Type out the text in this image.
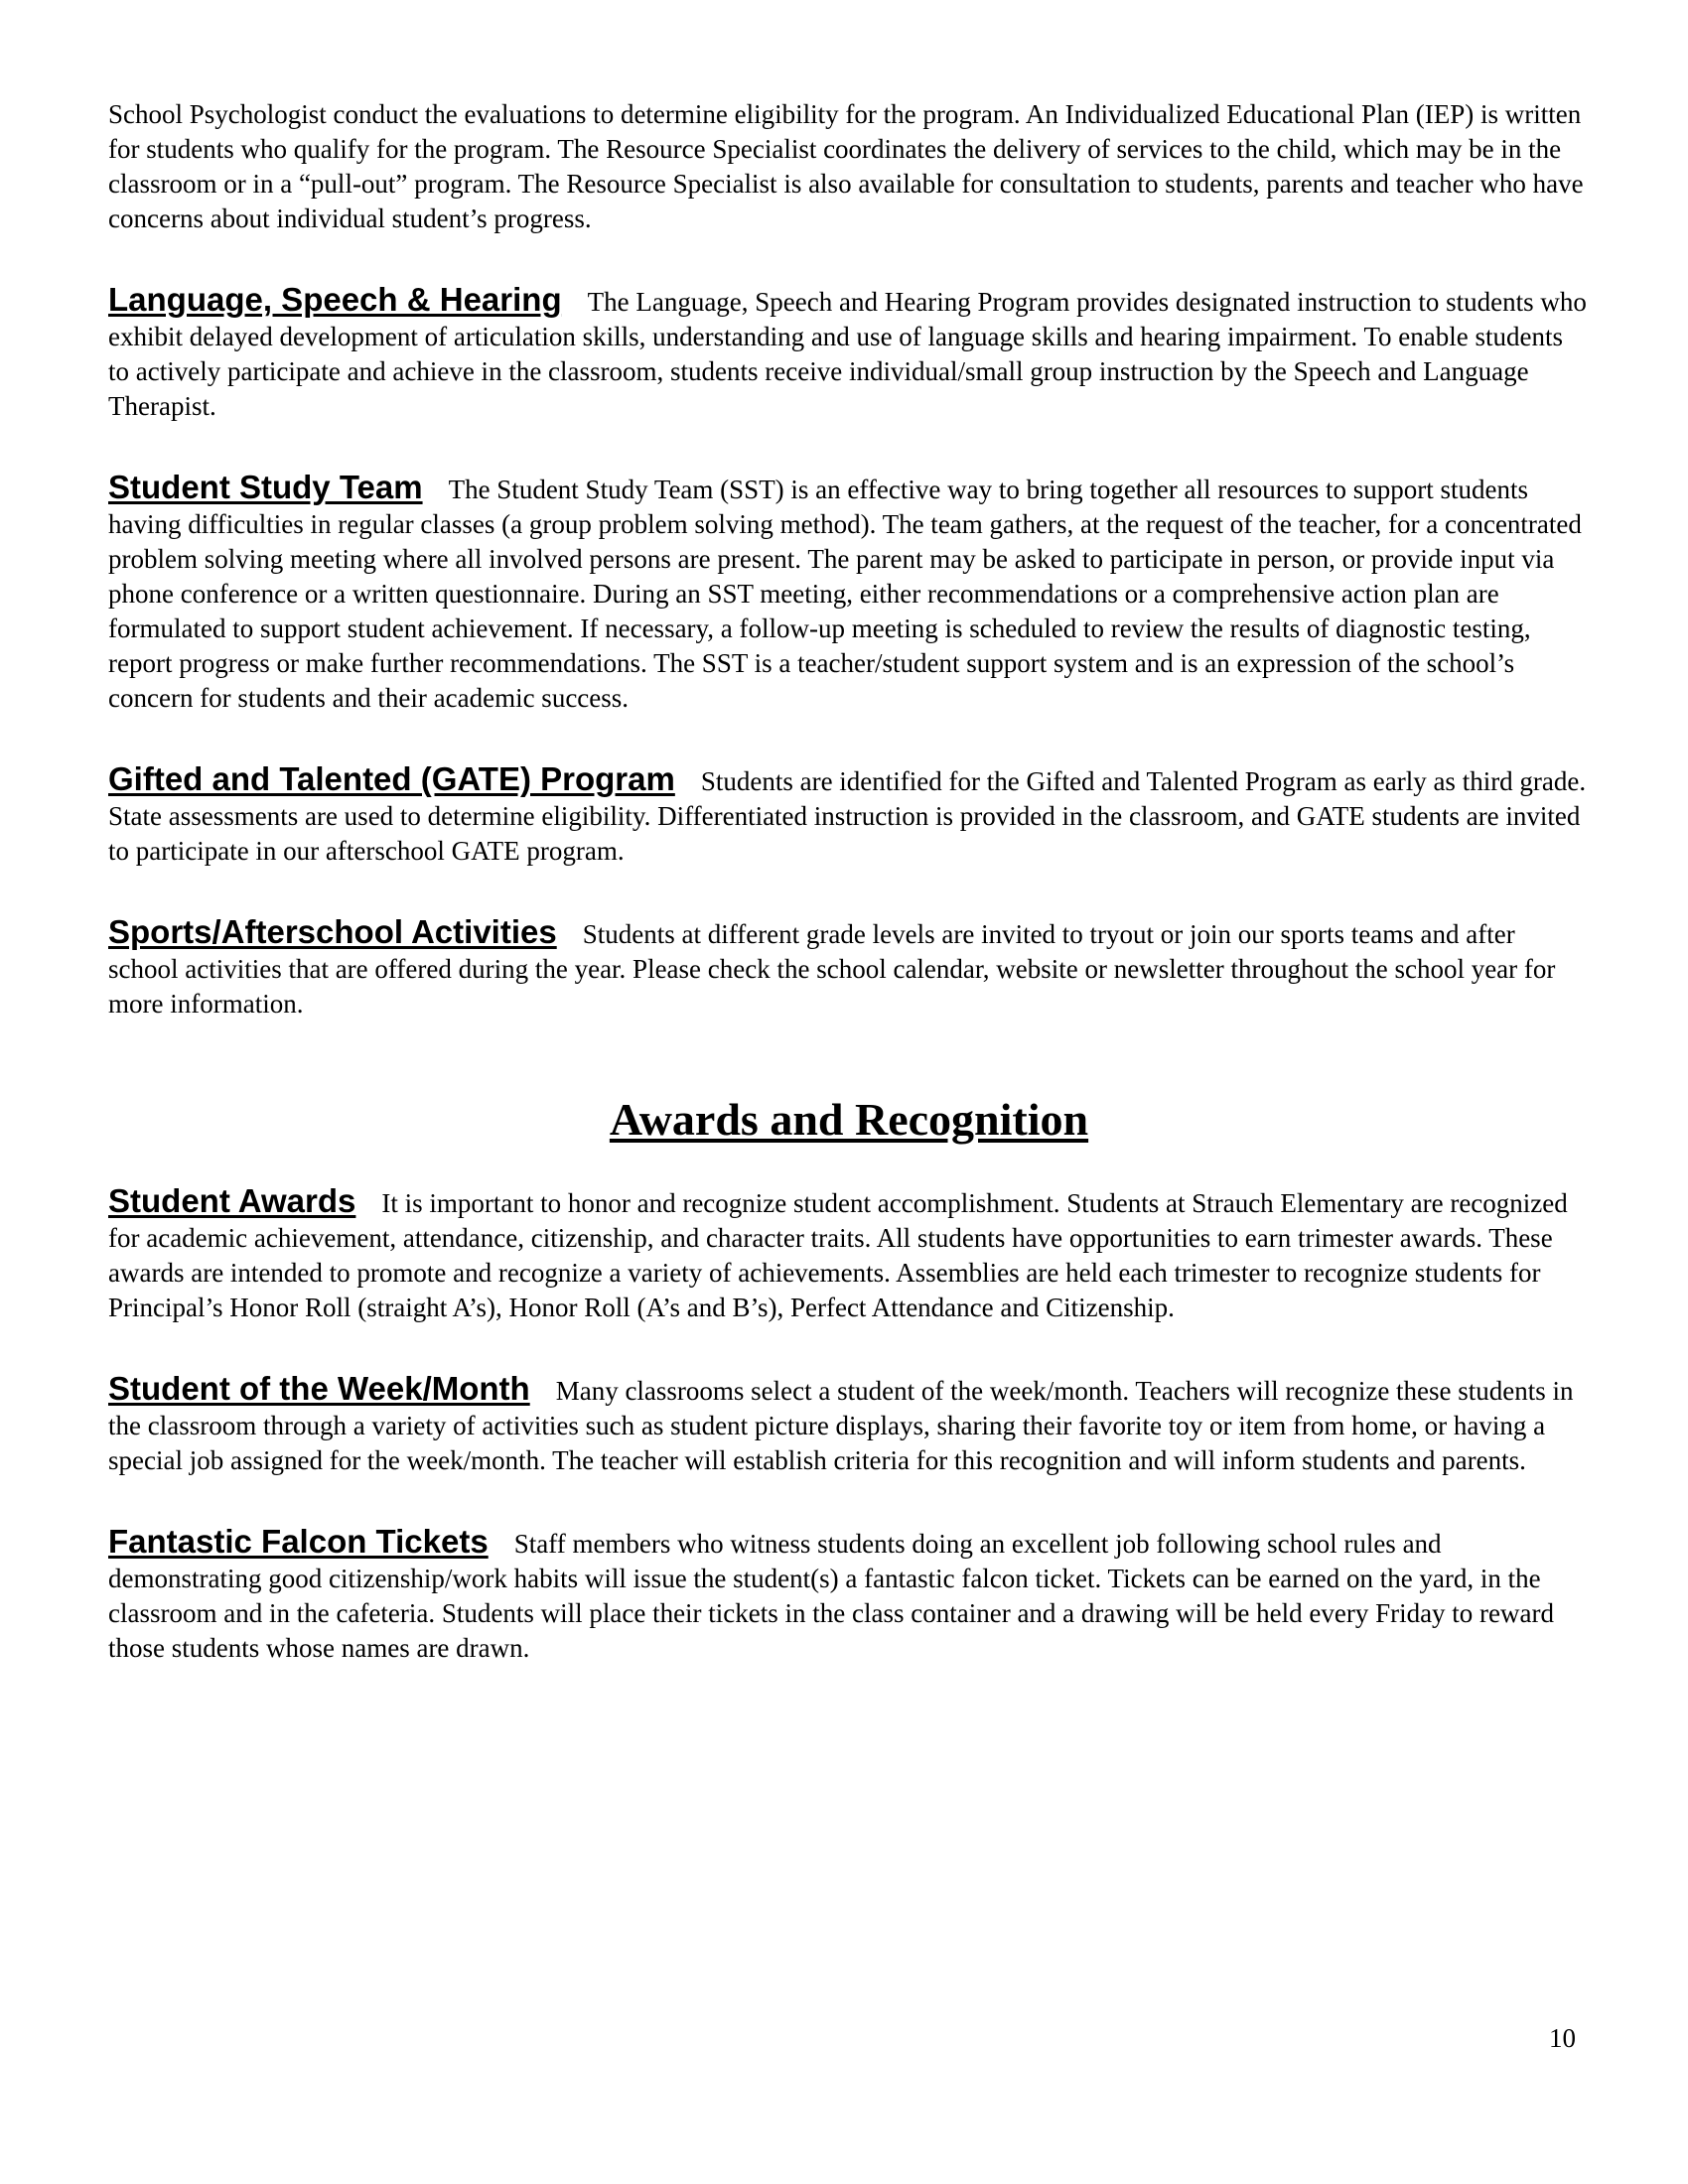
School Psychologist conduct the evaluations to determine eligibility for the program. An Individualized Educational Plan (IEP) is written for students who qualify for the program. The Resource Specialist coordinates the delivery of services to the child, which may be in the classroom or in a “pull-out” program. The Resource Specialist is also available for consultation to students, parents and teacher who have concerns about individual student’s progress.

Language, Speech & Hearing The Language, Speech and Hearing Program provides designated instruction to students who exhibit delayed development of articulation skills, understanding and use of language skills and hearing impairment. To enable students to actively participate and achieve in the classroom, students receive individual/small group instruction by the Speech and Language Therapist.

Student Study Team The Student Study Team (SST) is an effective way to bring together all resources to support students having difficulties in regular classes (a group problem solving method). The team gathers, at the request of the teacher, for a concentrated problem solving meeting where all involved persons are present. The parent may be asked to participate in person, or provide input via phone conference or a written questionnaire. During an SST meeting, either recommendations or a comprehensive action plan are formulated to support student achievement. If necessary, a follow-up meeting is scheduled to review the results of diagnostic testing, report progress or make further recommendations. The SST is a teacher/student support system and is an expression of the school’s concern for students and their academic success.

Gifted and Talented (GATE) Program Students are identified for the Gifted and Talented Program as early as third grade. State assessments are used to determine eligibility. Differentiated instruction is provided in the classroom, and GATE students are invited to participate in our afterschool GATE program.

Sports/Afterschool Activities Students at different grade levels are invited to tryout or join our sports teams and after school activities that are offered during the year. Please check the school calendar, website or newsletter throughout the school year for more information.

Awards and Recognition

Student Awards It is important to honor and recognize student accomplishment. Students at Strauch Elementary are recognized for academic achievement, attendance, citizenship, and character traits. All students have opportunities to earn trimester awards. These awards are intended to promote and recognize a variety of achievements. Assemblies are held each trimester to recognize students for Principal’s Honor Roll (straight A’s), Honor Roll (A’s and B’s), Perfect Attendance and Citizenship.

Student of the Week/Month Many classrooms select a student of the week/month. Teachers will recognize these students in the classroom through a variety of activities such as student picture displays, sharing their favorite toy or item from home, or having a special job assigned for the week/month. The teacher will establish criteria for this recognition and will inform students and parents.

Fantastic Falcon Tickets Staff members who witness students doing an excellent job following school rules and demonstrating good citizenship/work habits will issue the student(s) a fantastic falcon ticket. Tickets can be earned on the yard, in the classroom and in the cafeteria. Students will place their tickets in the class container and a drawing will be held every Friday to reward those students whose names are drawn.

10
